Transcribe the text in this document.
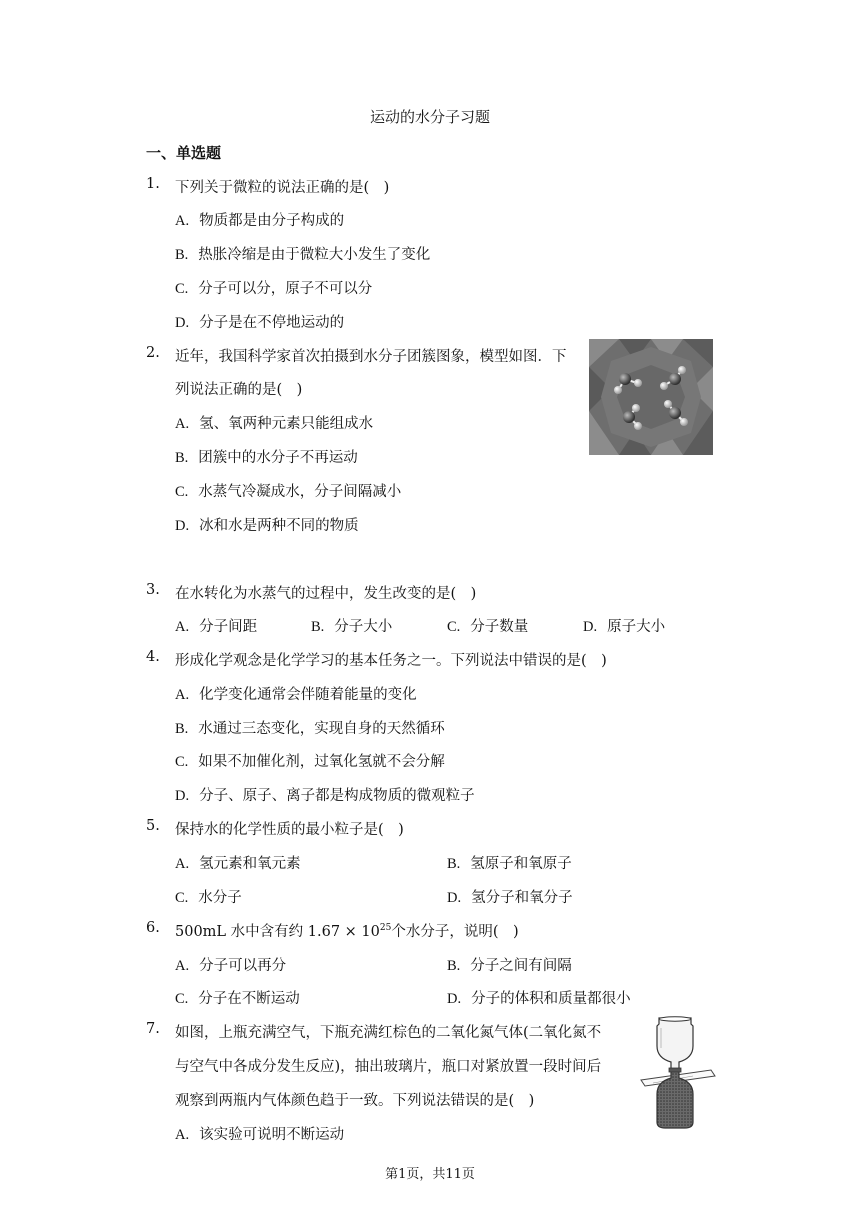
运动的水分子习题
一、单选题
1.	下列关于微粒的说法正确的是(　)
A. 物质都是由分子构成的
B. 热胀冷缩是由于微粒大小发生了变化
C. 分子可以分，原子不可以分
D. 分子是在不停地运动的
2.	近年，我国科学家首次拍摄到水分子团簇图象，模型如图．下
列说法正确的是(　)
A. 氢、氧两种元素只能组成水
B. 团簇中的水分子不再运动
C. 水蒸气冷凝成水，分子间隔减小
D. 冰和水是两种不同的物质
3.	在水转化为水蒸气的过程中，发生改变的是(　)
A. 分子间距	B. 分子大小	C. 分子数量	D. 原子大小
4.	形成化学观念是化学学习的基本任务之一。下列说法中错误的是(　)
A. 化学变化通常会伴随着能量的变化
B. 水通过三态变化，实现自身的天然循环
C. 如果不加催化剂，过氧化氢就不会分解
D. 分子、原子、离子都是构成物质的微观粒子
5.	保持水的化学性质的最小粒子是(　)
A. 氢元素和氧元素	B. 氢原子和氧原子
C. 水分子	D. 氢分子和氧分子
6.	500mL 水中含有约 $1.67 \times 10^{25}$个水分子，说明(　)
A. 分子可以再分	B. 分子之间有间隔
C. 分子在不断运动	D. 分子的体积和质量都很小
7.	如图，上瓶充满空气，下瓶充满红棕色的二氧化氮气体(二氧化氮不
与空气中各成分发生反应)，抽出玻璃片，瓶口对紧放置一段时间后
观察到两瓶内气体颜色趋于一致。下列说法错误的是(　)
A. 该实验可说明不断运动
第1页，共11页
